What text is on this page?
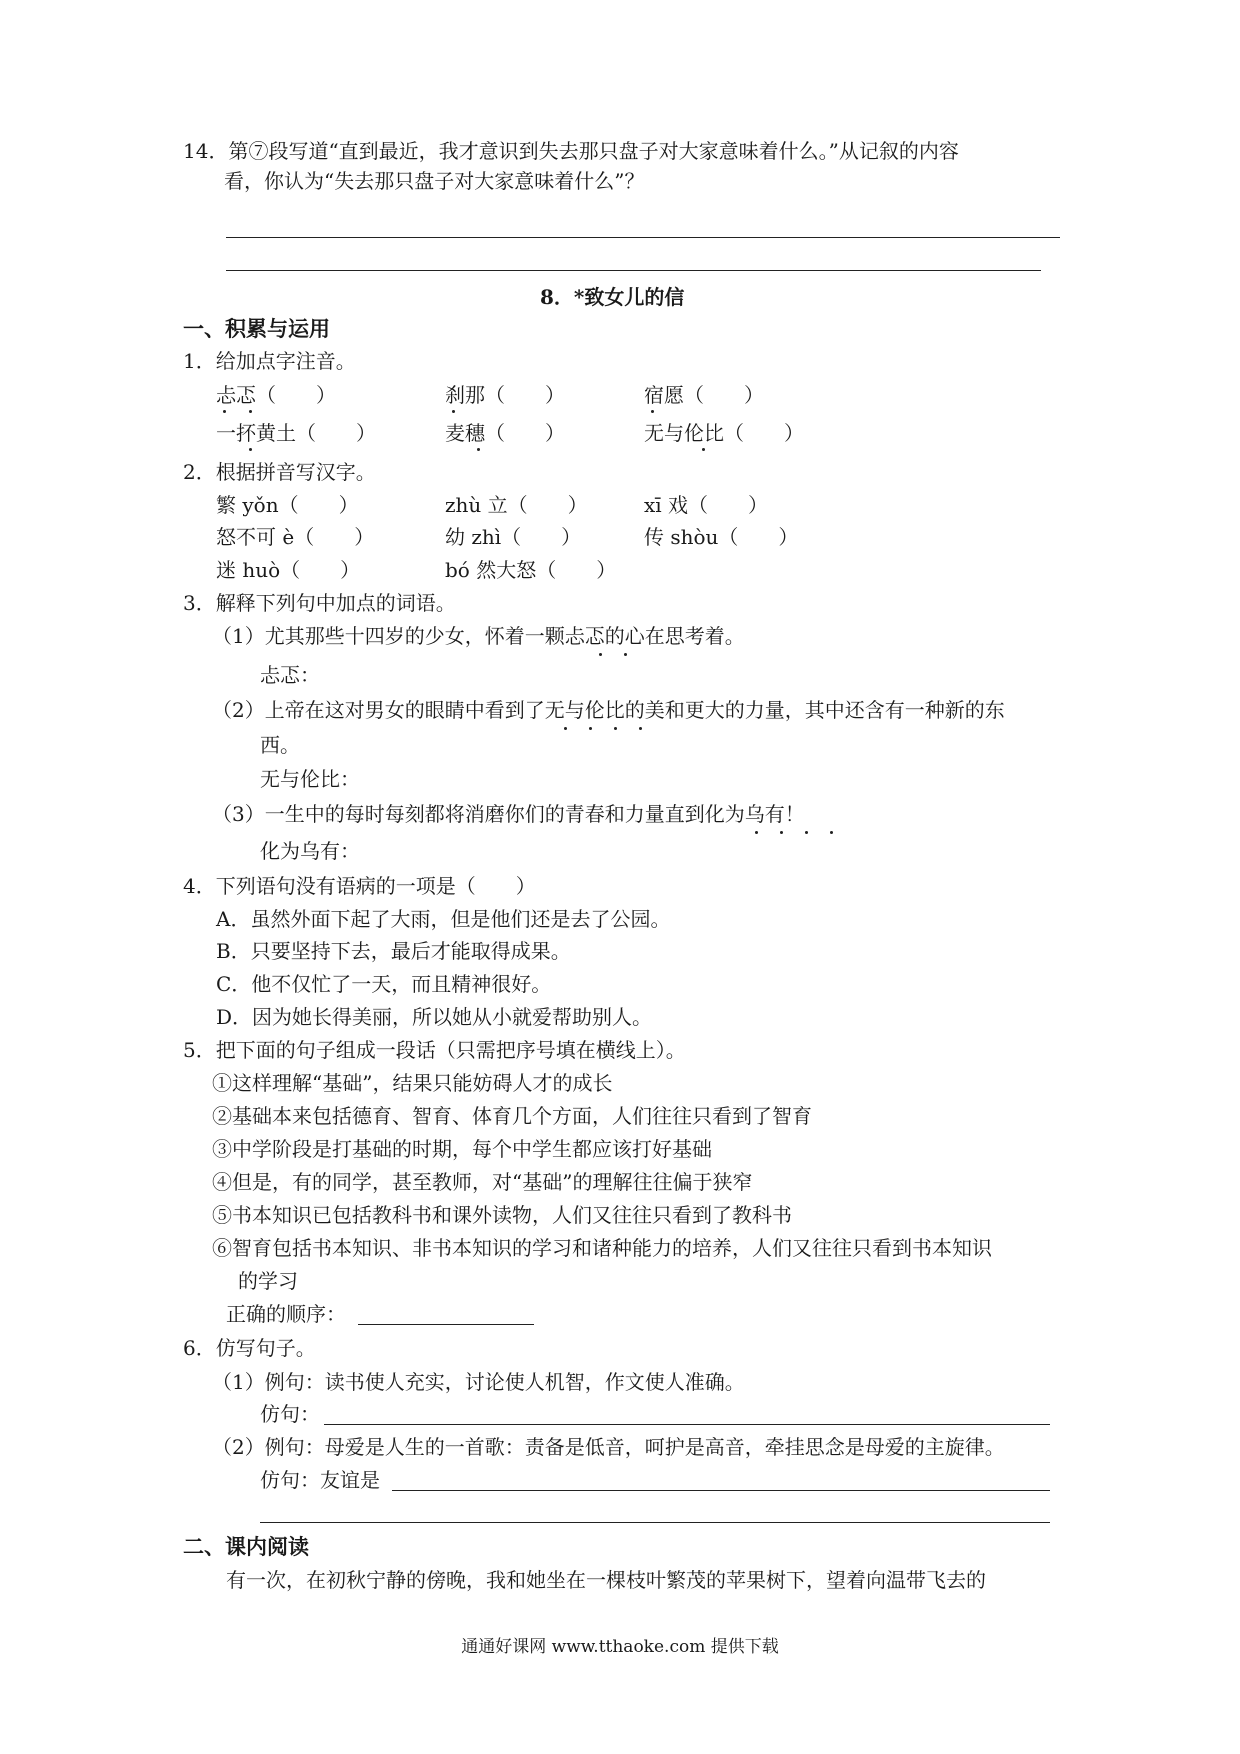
14．第⑦段写道“直到最近，我才意识到失去那只盘子对大家意味着什么。”从记叙的内容
看，你认为“失去那只盘子对大家意味着什么”？
8．*致女儿的信
一、积累与运用
1．给加点字注音。
忐忑（　　）	刹那（　　）	宿愿（　　）
一抔黄土（　　）	麦穗（　　）	无与伦比（　　）
2．根据拼音写汉字。
繁 yǒn（　　）	zhù 立（　　）	xī 戏（　　）
怒不可 è（　　）	幼 zhì（　　）	传 shòu（　　）
迷 huò（　　）	bó 然大怒（　　）
3．解释下列句中加点的词语。
（1）尤其那些十四岁的少女，怀着一颗忐忑的心在思考着。
忐忑：
（2）上帝在这对男女的眼睛中看到了无与伦比的美和更大的力量，其中还含有一种新的东
西。
无与伦比：
（3）一生中的每时每刻都将消磨你们的青春和力量直到化为乌有！
化为乌有：
4．下列语句没有语病的一项是（　　）
A．虽然外面下起了大雨，但是他们还是去了公园。
B．只要坚持下去，最后才能取得成果。
C．他不仅忙了一天，而且精神很好。
D．因为她长得美丽，所以她从小就爱帮助别人。
5．把下面的句子组成一段话（只需把序号填在横线上）。
①这样理解“基础”，结果只能妨碍人才的成长
②基础本来包括德育、智育、体育几个方面，人们往往只看到了智育
③中学阶段是打基础的时期，每个中学生都应该打好基础
④但是，有的同学，甚至教师，对“基础”的理解往往偏于狭窄
⑤书本知识已包括教科书和课外读物，人们又往往只看到了教科书
⑥智育包括书本知识、非书本知识的学习和诸种能力的培养，人们又往往只看到书本知识
的学习
正确的顺序：
6．仿写句子。
（1）例句：读书使人充实，讨论使人机智，作文使人准确。
仿句：
（2）例句：母爱是人生的一首歌：责备是低音，呵护是高音，牵挂思念是母爱的主旋律。
仿句：友谊是
二、课内阅读
有一次，在初秋宁静的傍晚，我和她坐在一棵枝叶繁茂的苹果树下，望着向温带飞去的
通通好课网 www.tthaoke.com 提供下载
